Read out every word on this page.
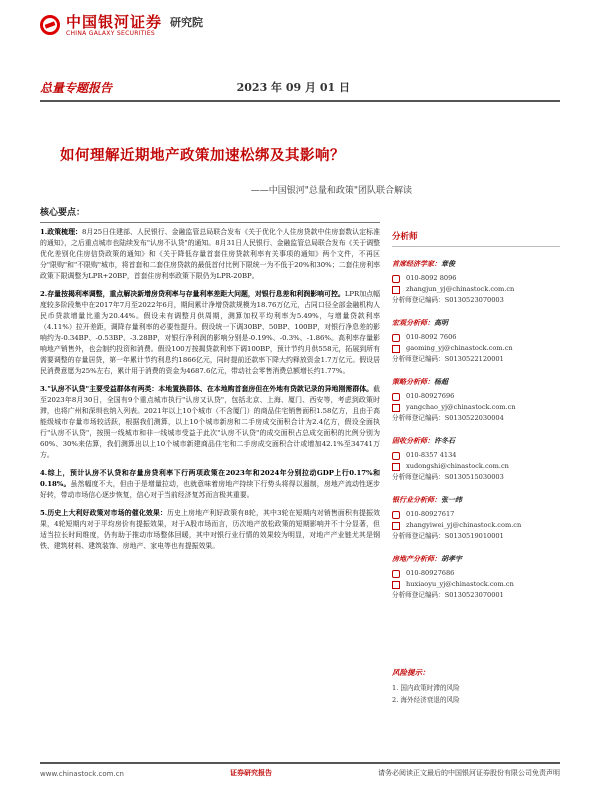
中国银河证券
CHINA GALAXY SECURITIES
研究院
总量专题报告	2023 年 09 月 01 日
如何理解近期地产政策加速松绑及其影响？
——中国银河"总量和政策"团队联合解读
核心要点：

1.政策梳理：8月25日住建部、人民银行、金融监管总局联合发布《关于优化个人住房贷款中住房套数认定标准的通知》，之后重点城市也陆续发布"认房不认贷"的通知。8月31日人民银行、金融监管总局联合发布《关于调整优化差别化住房信贷政策的通知》和《关于降低存量首套住房贷款利率有关事项的通知》两个文件，不再区分"限购"和"不限购"城市，将首套和二套住房贷款的最低首付比例下限统一为不低于20%和30%；二套住房利率政策下限调整为LPR+20BP，首套住房利率政策下限仍为LPR-20BP。

2.存量按揭利率调整，重点解决新增房贷利率与存量利率差距大问题，对银行息差和利润影响可控。LPR加点幅度较多阶段集中在2017年7月至2022年6月，期间累计净增贷款规模为18.76万亿元，占同口径全部金融机构人民币贷款增量比重为20.44%。假设未有调整月供周期，测算加权平均利率为5.49%，与增量贷款利率（4.11%）拉开差距，调降存量利率的必要性提升。假设统一下调30BP、50BP、100BP，对银行净息差的影响约为-0.34BP、-0.53BP、-3.28BP，对银行净利润的影响分别是-0.19%、-0.3%、-1.86%。高利率存量影响地产销售外，也会制约投资和消费。假设100万按揭贷款利率下调100BP，预计节约月供558元，拓展到所有需要调整的存量居贷，第一年累计节约利息约1866亿元，同时提前还款率下降大约释放资金1.7万亿元。假设居民消费意愿为25%左右，累计用于消费的资金为4687.6亿元，带动社会零售消费总额增长约1.77%。

3."认房不认贷"主要受益群体有两类：本地置换群体、在本地购首套房但在外地有贷款记录的异地刚需群体。截至2023年8月30日，全国有9个重点城市执行"认房又认贷"，包括北京、上海、厦门、西安等，考虑到政策时滞，也将广州和深圳也纳入列表。2021年以上10个城市（不含厦门）的商品住宅销售面积1.58亿方，且由于高能级城市存量市场较活跃，根据我们测算，以上10个城市新房和二手房成交面积合计为2.4亿方，假设全面执行"认房不认贷"，按照一线城市和非一线城市受益于此次"认房不认贷"的成交面积占总成交面积的比例分别为60%、30%来估算，我们测算出以上10个城市新建商品住宅和二手房成交面积合计或增加42.1%至34741万方。

4.综上，预计认房不认贷和存量房贷利率下行两项政策在2023年和2024年分别拉动GDP上行0.17%和0.18%。虽然幅度不大，但由于是增量拉动，也就意味着房地产持续下行势头将得以遏制，房地产流动性逐步好转，带动市场信心逐步恢复，信心对于当前经济复苏而言极其重要。

5.历史上大利好政策对市场的催化效果：历史上房地产利好政策有8轮，其中3轮在短期内对销售面积有提振效果，4轮短期内对于平均房价有提振效果，对于A股市场而言，历次地产放松政策的短期影响并不十分显著，但适当拉长时间维度，仍有助于推动市场整体回暖，其中对银行业行情的效果较为明显，对地产产业链尤其是钢铁、建筑材料、建筑装饰、房地产、家电等也有提振效果。

分析师
首席经济学家：章俊
010-8092 8096
zhangjun_yj@chinastock.com.cn
分析师登记编码：S0130523070003
宏观分析师：高明
010-8092 7606
gaoming_yj@chinastock.com.cn
分析师登记编码：S0130522120001
策略分析师：杨超
010-80927696
yangchao_yj@chinastock.com.cn
分析师登记编码：S0130522030004
固收分析师：许冬石
010-8357 4134
xudongshi@chinastock.com.cn
分析师登记编码：S0130515030003
银行业分析师：张一纬
010-80927617
zhangyiwei_yj@chinastock.com.cn
分析师登记编码：S0130519010001
房地产分析师：胡孝宇
010-80927686
huxiaoyu_yj@chinastock.com.cn
分析师登记编码：S0130523070001
风险提示：
1. 国内政策时滞的风险
2. 海外经济衰退的风险
www.chinastock.com.cn	证券研究报告	请务必阅读正文最后的中国银河证券股份有限公司免责声明
